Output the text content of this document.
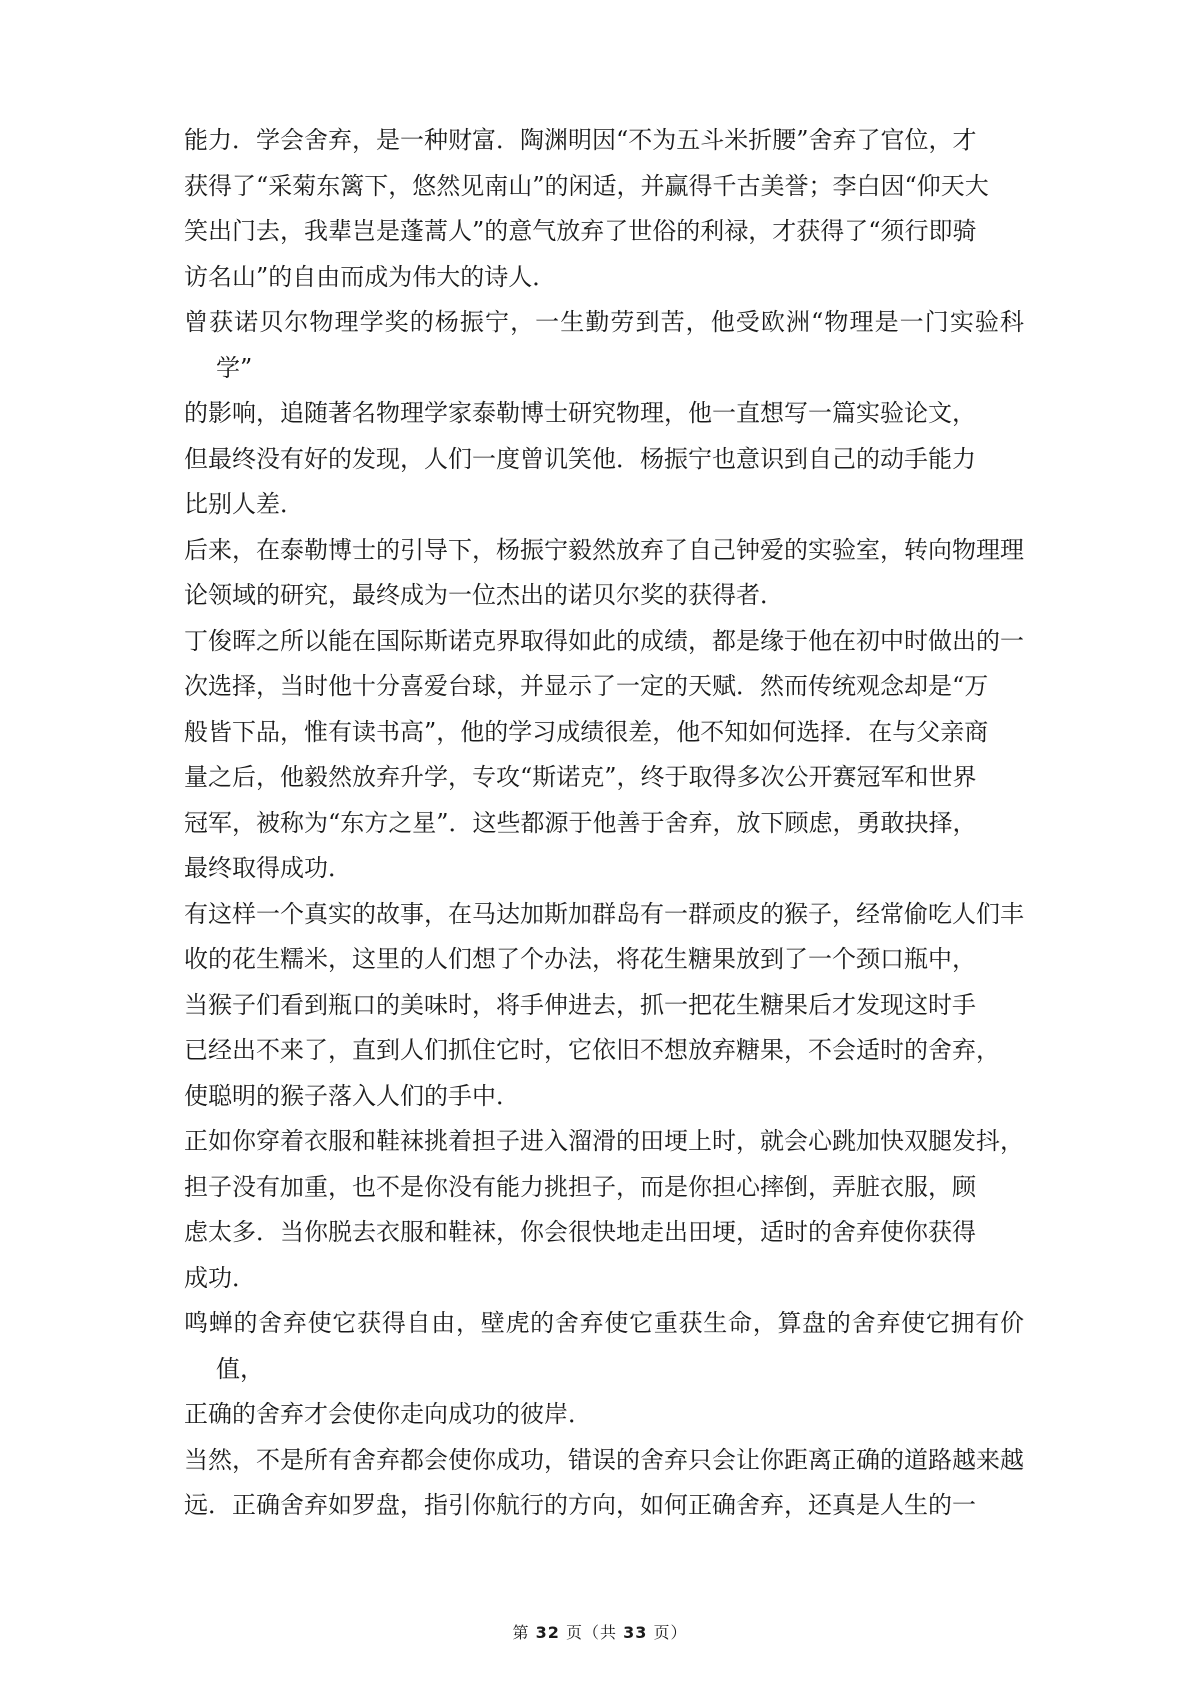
能力．学会舍弃，是一种财富．陶渊明因“不为五斗米折腰”舍弃了官位，才
获得了“采菊东篱下，悠然见南山”的闲适，并赢得千古美誉；李白因“仰天大
笑出门去，我辈岂是蓬蒿人”的意气放弃了世俗的利禄，才获得了“须行即骑
访名山”的自由而成为伟大的诗人．

曾获诺贝尔物理学奖的杨振宁，一生勤劳到苦，他受欧洲“物理是一门实验科学”
的影响，追随著名物理学家泰勒博士研究物理，他一直想写一篇实验论文，
但最终没有好的发现，人们一度曾讥笑他．杨振宁也意识到自己的动手能力
比别人差．

后来，在泰勒博士的引导下，杨振宁毅然放弃了自己钟爱的实验室，转向物理理
论领域的研究，最终成为一位杰出的诺贝尔奖的获得者．

丁俊晖之所以能在国际斯诺克界取得如此的成绩，都是缘于他在初中时做出的一
次选择，当时他十分喜爱台球，并显示了一定的天赋．然而传统观念却是“万
般皆下品，惟有读书高”，他的学习成绩很差，他不知如何选择．在与父亲商
量之后，他毅然放弃升学，专攻“斯诺克”，终于取得多次公开赛冠军和世界
冠军，被称为“东方之星”．这些都源于他善于舍弃，放下顾虑，勇敢抉择，
最终取得成功．

有这样一个真实的故事，在马达加斯加群岛有一群顽皮的猴子，经常偷吃人们丰
收的花生糯米，这里的人们想了个办法，将花生糖果放到了一个颈口瓶中，
当猴子们看到瓶口的美味时，将手伸进去，抓一把花生糖果后才发现这时手
已经出不来了，直到人们抓住它时，它依旧不想放弃糖果，不会适时的舍弃，
使聪明的猴子落入人们的手中．

正如你穿着衣服和鞋袜挑着担子进入溜滑的田埂上时，就会心跳加快双腿发抖，
担子没有加重，也不是你没有能力挑担子，而是你担心摔倒，弄脏衣服，顾
虑太多．当你脱去衣服和鞋袜，你会很快地走出田埂，适时的舍弃使你获得
成功．

鸣蝉的舍弃使它获得自由，壁虎的舍弃使它重获生命，算盘的舍弃使它拥有价值，
正确的舍弃才会使你走向成功的彼岸．

当然，不是所有舍弃都会使你成功，错误的舍弃只会让你距离正确的道路越来越
远．正确舍弃如罗盘，指引你航行的方向，如何正确舍弃，还真是人生的一

第 32 页（共 33 页）
